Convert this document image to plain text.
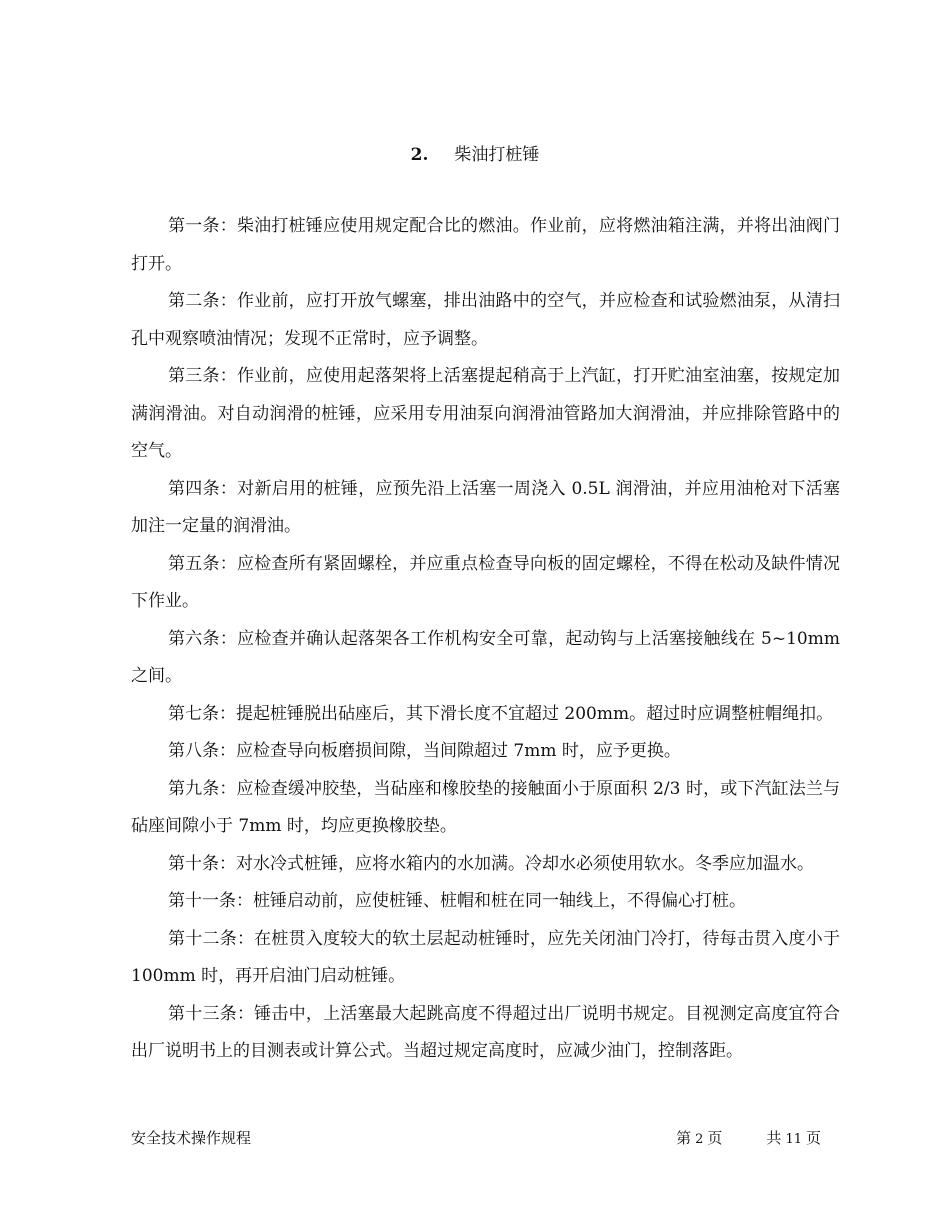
2. 柴油打桩锤

第一条：柴油打桩锤应使用规定配合比的燃油。作业前，应将燃油箱注满，并将出油阀门打开。

第二条：作业前，应打开放气螺塞，排出油路中的空气，并应检查和试验燃油泵，从清扫孔中观察喷油情况；发现不正常时，应予调整。

第三条：作业前，应使用起落架将上活塞提起稍高于上汽缸，打开贮油室油塞，按规定加满润滑油。对自动润滑的桩锤，应采用专用油泵向润滑油管路加大润滑油，并应排除管路中的空气。

第四条：对新启用的桩锤，应预先沿上活塞一周浇入 0.5L 润滑油，并应用油枪对下活塞加注一定量的润滑油。

第五条：应检查所有紧固螺栓，并应重点检查导向板的固定螺栓，不得在松动及缺件情况下作业。

第六条：应检查并确认起落架各工作机构安全可靠，起动钩与上活塞接触线在 5~10mm之间。

第七条：提起桩锤脱出砧座后，其下滑长度不宜超过 200mm。超过时应调整桩帽绳扣。

第八条：应检查导向板磨损间隙，当间隙超过 7mm 时，应予更换。

第九条：应检查缓冲胶垫，当砧座和橡胶垫的接触面小于原面积 2/3 时，或下汽缸法兰与砧座间隙小于 7mm 时，均应更换橡胶垫。

第十条：对水冷式桩锤，应将水箱内的水加满。冷却水必须使用软水。冬季应加温水。

第十一条：桩锤启动前，应使桩锤、桩帽和桩在同一轴线上，不得偏心打桩。

第十二条：在桩贯入度较大的软土层起动桩锤时，应先关闭油门冷打，待每击贯入度小于 100mm 时，再开启油门启动桩锤。

第十三条：锤击中，上活塞最大起跳高度不得超过出厂说明书规定。目视测定高度宜符合出厂说明书上的目测表或计算公式。当超过规定高度时，应减少油门，控制落距。

安全技术操作规程	第 2 页	共 11 页
